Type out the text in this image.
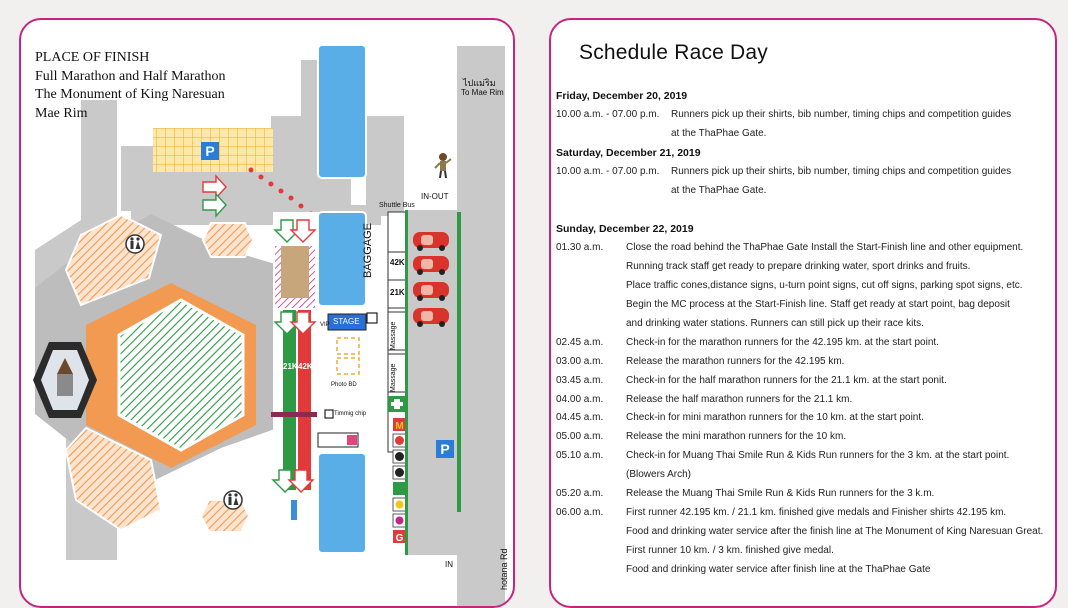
P
M
G
P
PLACE OF FINISH
Full Marathon and Half Marathon
The Monument of King Naresuan
Mae Rim
ไปแม่ริม
To Mae Rim
IN-OUT
Shuttle Bus
BAGGAGE 42K
21K
Massage
Massage
21K 42K
VIP STAGE
Photo BD
Timmig chip
IN	hotana Rd
Schedule Race Day
Friday, December 20, 2019
10.00 a.m. - 07.00 p.m. Runners pick up their shirts, bib number, timing chips and competition guides
at the ThaPhae Gate.
Saturday, December 21, 2019
10.00 a.m. - 07.00 p.m. Runners pick up their shirts, bib number, timing chips and competition guides
at the ThaPhae Gate.
Sunday, December 22, 2019
01.30 a.m. Close the road behind the ThaPhae Gate Install the Start-Finish line and other equipment.
Running track staff get ready to prepare drinking water, sport drinks and fruits.
Place traffic cones,distance signs, u-turn point signs, cut off signs, parking spot signs, etc.
Begin the MC process at the Start-Finish line. Staff get ready at start point, bag deposit
and drinking water stations. Runners can still pick up their race kits.
02.45 a.m. Check-in for the marathon runners for the 42.195 km. at the start point.
03.00 a.m. Release the marathon runners for the 42.195 km.
03.45 a.m. Check-in for the half marathon runners for the 21.1 km. at the start ponit.
04.00 a.m. Release the half marathon runners for the 21.1 km.
04.45 a.m. Check-in for mini marathon runners for the 10 km. at the start point.
05.00 a.m. Release the mini marathon runners for the 10 km.
05.10 a.m. Check-in for Muang Thai Smile Run & Kids Run runners for the 3 km. at the start point.
(Blowers Arch)
05.20 a.m. Release the Muang Thai Smile Run & Kids Run runners for the 3 k.m.
06.00 a.m. First runner 42.195 km. / 21.1 km. finished give medals and Finisher shirts 42.195 km.
Food and drinking water service after the finish line at The Monument of King Naresuan Great.
First runner 10 km. / 3 km. finished give medal.
Food and drinking water service after finish line at the ThaPhae Gate
